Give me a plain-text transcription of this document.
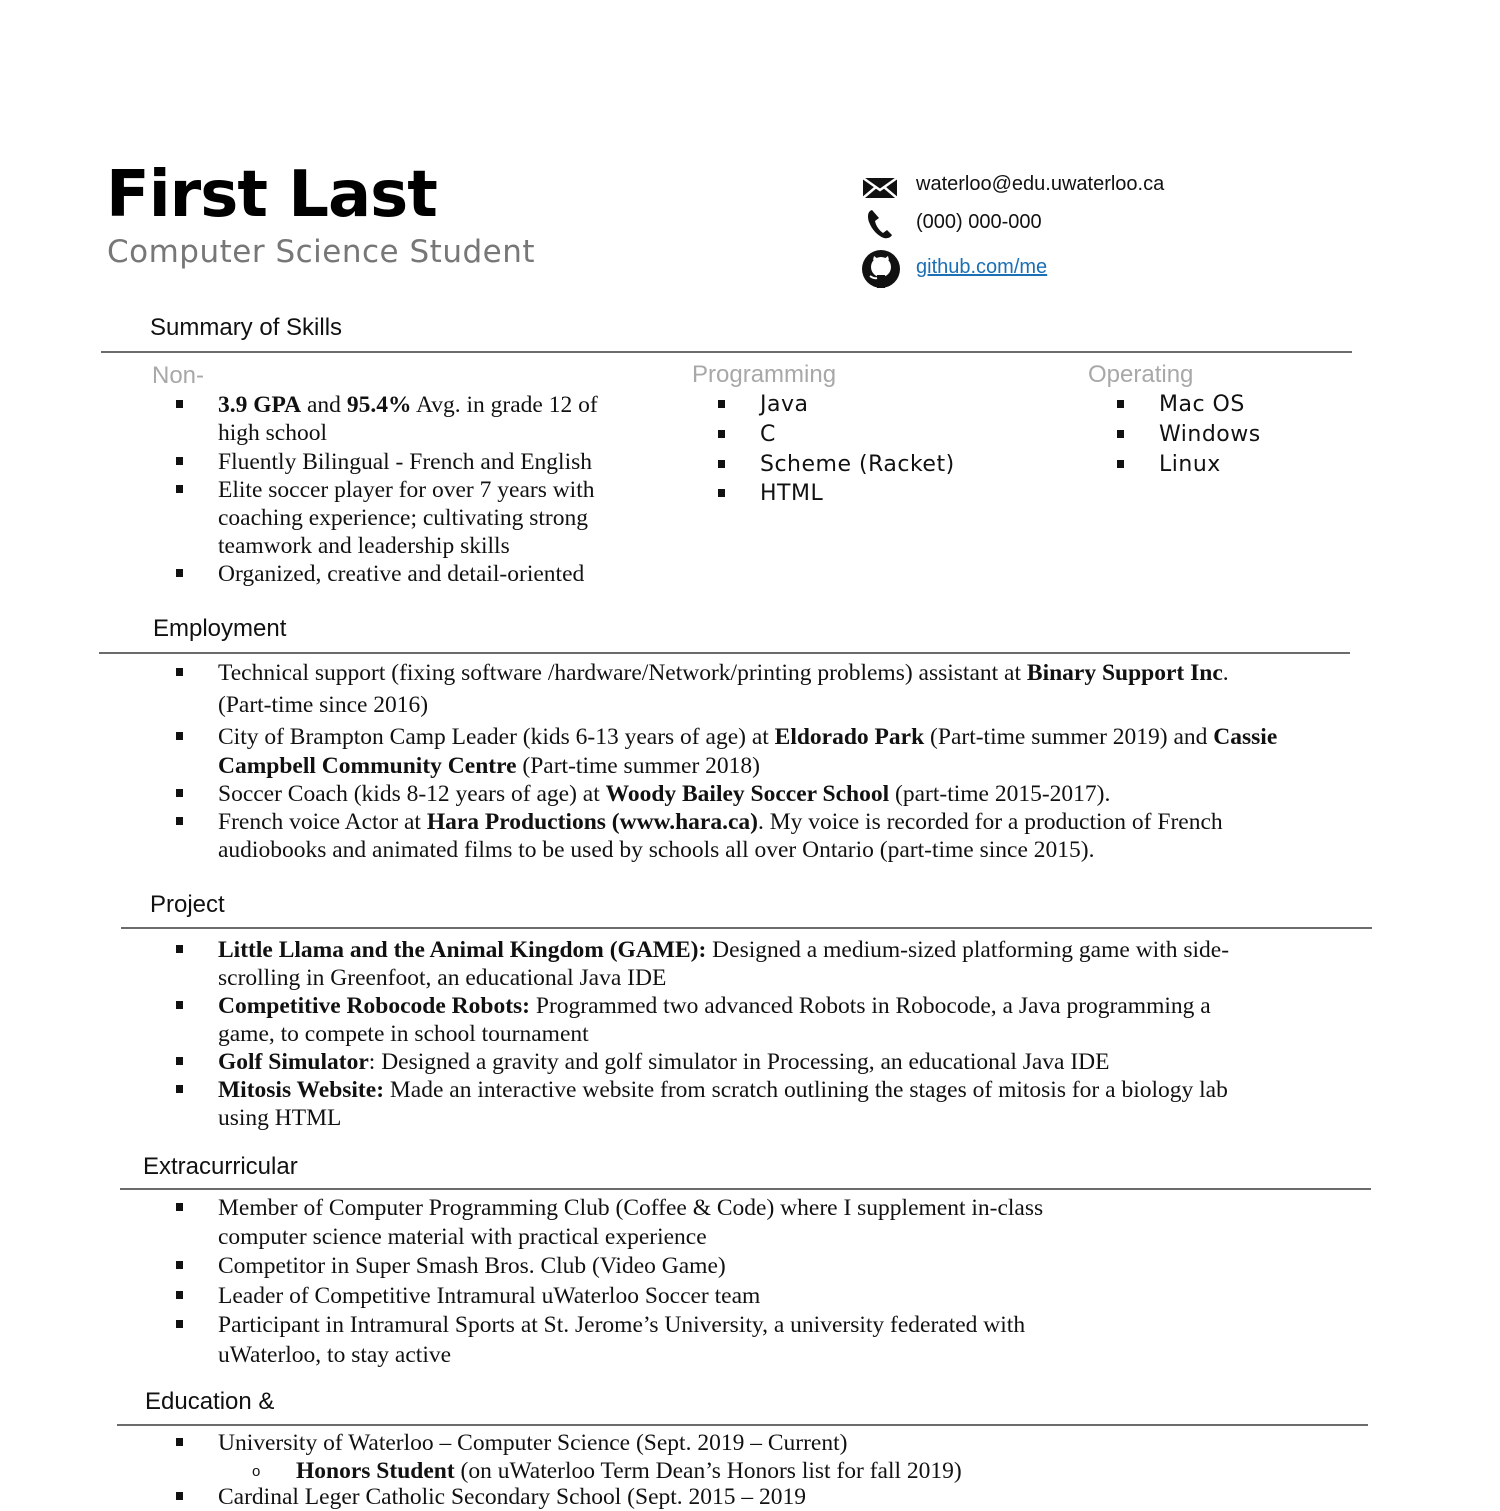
First Last
Computer Science Student
waterloo@edu.uwaterloo.ca
(000) 000-000
github.com/me
Summary of Skills
Non-	Programming	Operating
3.9 GPA and 95.4% Avg. in grade 12 of
high school
Fluently Bilingual - French and English
Elite soccer player for over 7 years with
coaching experience; cultivating strong
teamwork and leadership skills
Organized, creative and detail-oriented
Java
C
Scheme (Racket)
HTML
Mac OS
Windows
Linux
Employment
Technical support (fixing software /hardware/Network/printing problems) assistant at Binary Support Inc.
(Part-time since 2016)
City of Brampton Camp Leader (kids 6-13 years of age) at Eldorado Park (Part-time summer 2019) and Cassie
Campbell Community Centre (Part-time summer 2018)
Soccer Coach (kids 8-12 years of age) at Woody Bailey Soccer School (part-time 2015-2017).
French voice Actor at Hara Productions (www.hara.ca). My voice is recorded for a production of French
audiobooks and animated films to be used by schools all over Ontario (part-time since 2015).
Project
Little Llama and the Animal Kingdom (GAME): Designed a medium-sized platforming game with side-
scrolling in Greenfoot, an educational Java IDE
Competitive Robocode Robots: Programmed two advanced Robots in Robocode, a Java programming a
game, to compete in school tournament
Golf Simulator: Designed a gravity and golf simulator in Processing, an educational Java IDE
Mitosis Website: Made an interactive website from scratch outlining the stages of mitosis for a biology lab
using HTML
Extracurricular
Member of Computer Programming Club (Coffee & Code) where I supplement in-class
computer science material with practical experience
Competitor in Super Smash Bros. Club (Video Game)
Leader of Competitive Intramural uWaterloo Soccer team
Participant in Intramural Sports at St. Jerome’s University, a university federated with
uWaterloo, to stay active
Education &
University of Waterloo – Computer Science (Sept. 2019 – Current)
o Honors Student (on uWaterloo Term Dean’s Honors list for fall 2019)
Cardinal Leger Catholic Secondary School (Sept. 2015 – 2019
